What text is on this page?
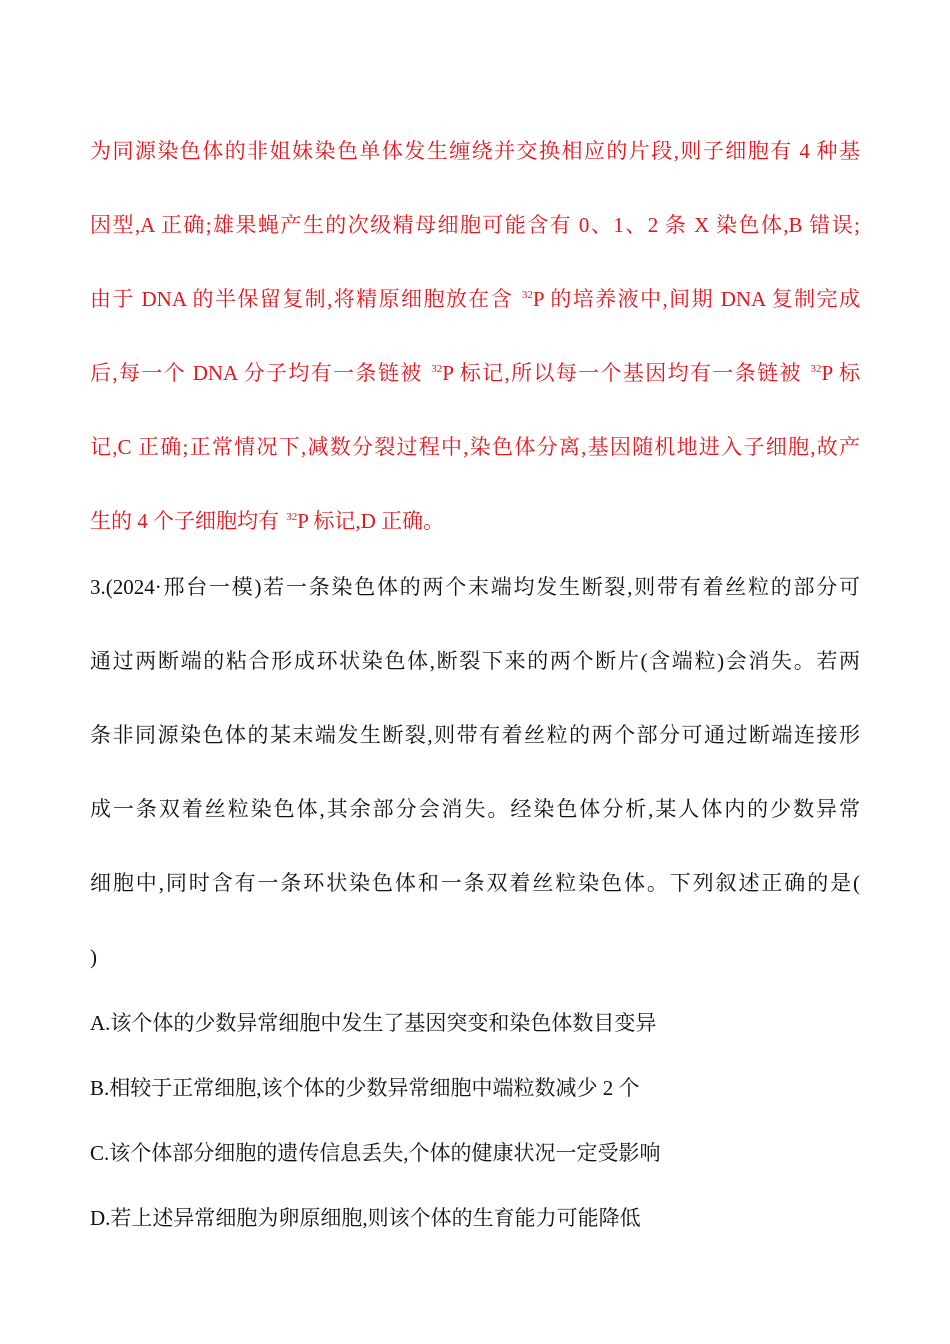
为同源染色体的非姐妹染色单体发生缠绕并交换相应的片段,则子细胞有 4 种基
因型,A 正确;雄果蝇产生的次级精母细胞可能含有 0、1、2 条 X 染色体,B 错误;
由于 DNA 的半保留复制,将精原细胞放在含 $^{32}$P 的培养液中,间期 DNA 复制完成
后,每一个 DNA 分子均有一条链被 $^{32}$P 标记,所以每一个基因均有一条链被 $^{32}$P 标
记,C 正确;正常情况下,减数分裂过程中,染色体分离,基因随机地进入子细胞,故产
生的 4 个子细胞均有 $^{32}$P 标记,D 正确。
3.(2024·邢台一模)若一条染色体的两个末端均发生断裂,则带有着丝粒的部分可
通过两断端的粘合形成环状染色体,断裂下来的两个断片(含端粒)会消失。若两
条非同源染色体的某末端发生断裂,则带有着丝粒的两个部分可通过断端连接形
成一条双着丝粒染色体,其余部分会消失。经染色体分析,某人体内的少数异常
细胞中,同时含有一条环状染色体和一条双着丝粒染色体。下列叙述正确的是(
)
A.该个体的少数异常细胞中发生了基因突变和染色体数目变异
B.相较于正常细胞,该个体的少数异常细胞中端粒数减少 2 个
C.该个体部分细胞的遗传信息丢失,个体的健康状况一定受影响
D.若上述异常细胞为卵原细胞,则该个体的生育能力可能降低
